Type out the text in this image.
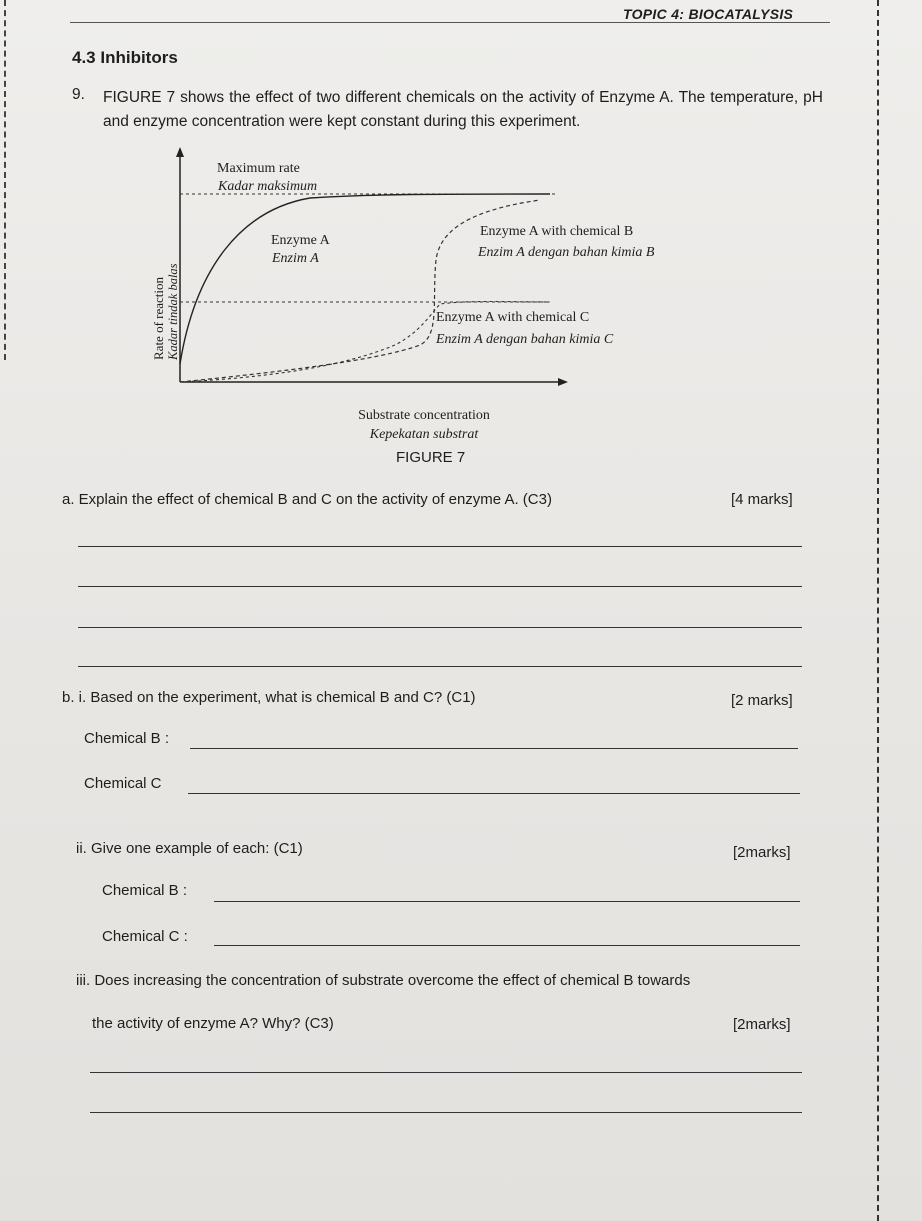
TOPIC 4: BIOCATALYSIS
4.3 Inhibitors
9. FIGURE 7 shows the effect of two different chemicals on the activity of Enzyme A. The temperature, pH and enzyme concentration were kept constant during this experiment.
Maximum rate
Kadar maksimum
Rate of reaction Kadar tindak balas
Enzyme A
Enzim A
Enzyme A with chemical B
Enzim A dengan bahan kimia B
Enzyme A with chemical C
Enzim A dengan bahan kimia C
Substrate concentration
Kepekatan substrat
FIGURE 7
a. Explain the effect of chemical B and C on the activity of enzyme A. (C3)	[4 marks]
b. i. Based on the experiment, what is chemical B and C? (C1)	[2 marks]
Chemical B :
Chemical C
ii. Give one example of each: (C1)	[2marks]
Chemical B :
Chemical C :
iii. Does increasing the concentration of substrate overcome the effect of chemical B towards
the activity of enzyme A? Why? (C3)	[2marks]
